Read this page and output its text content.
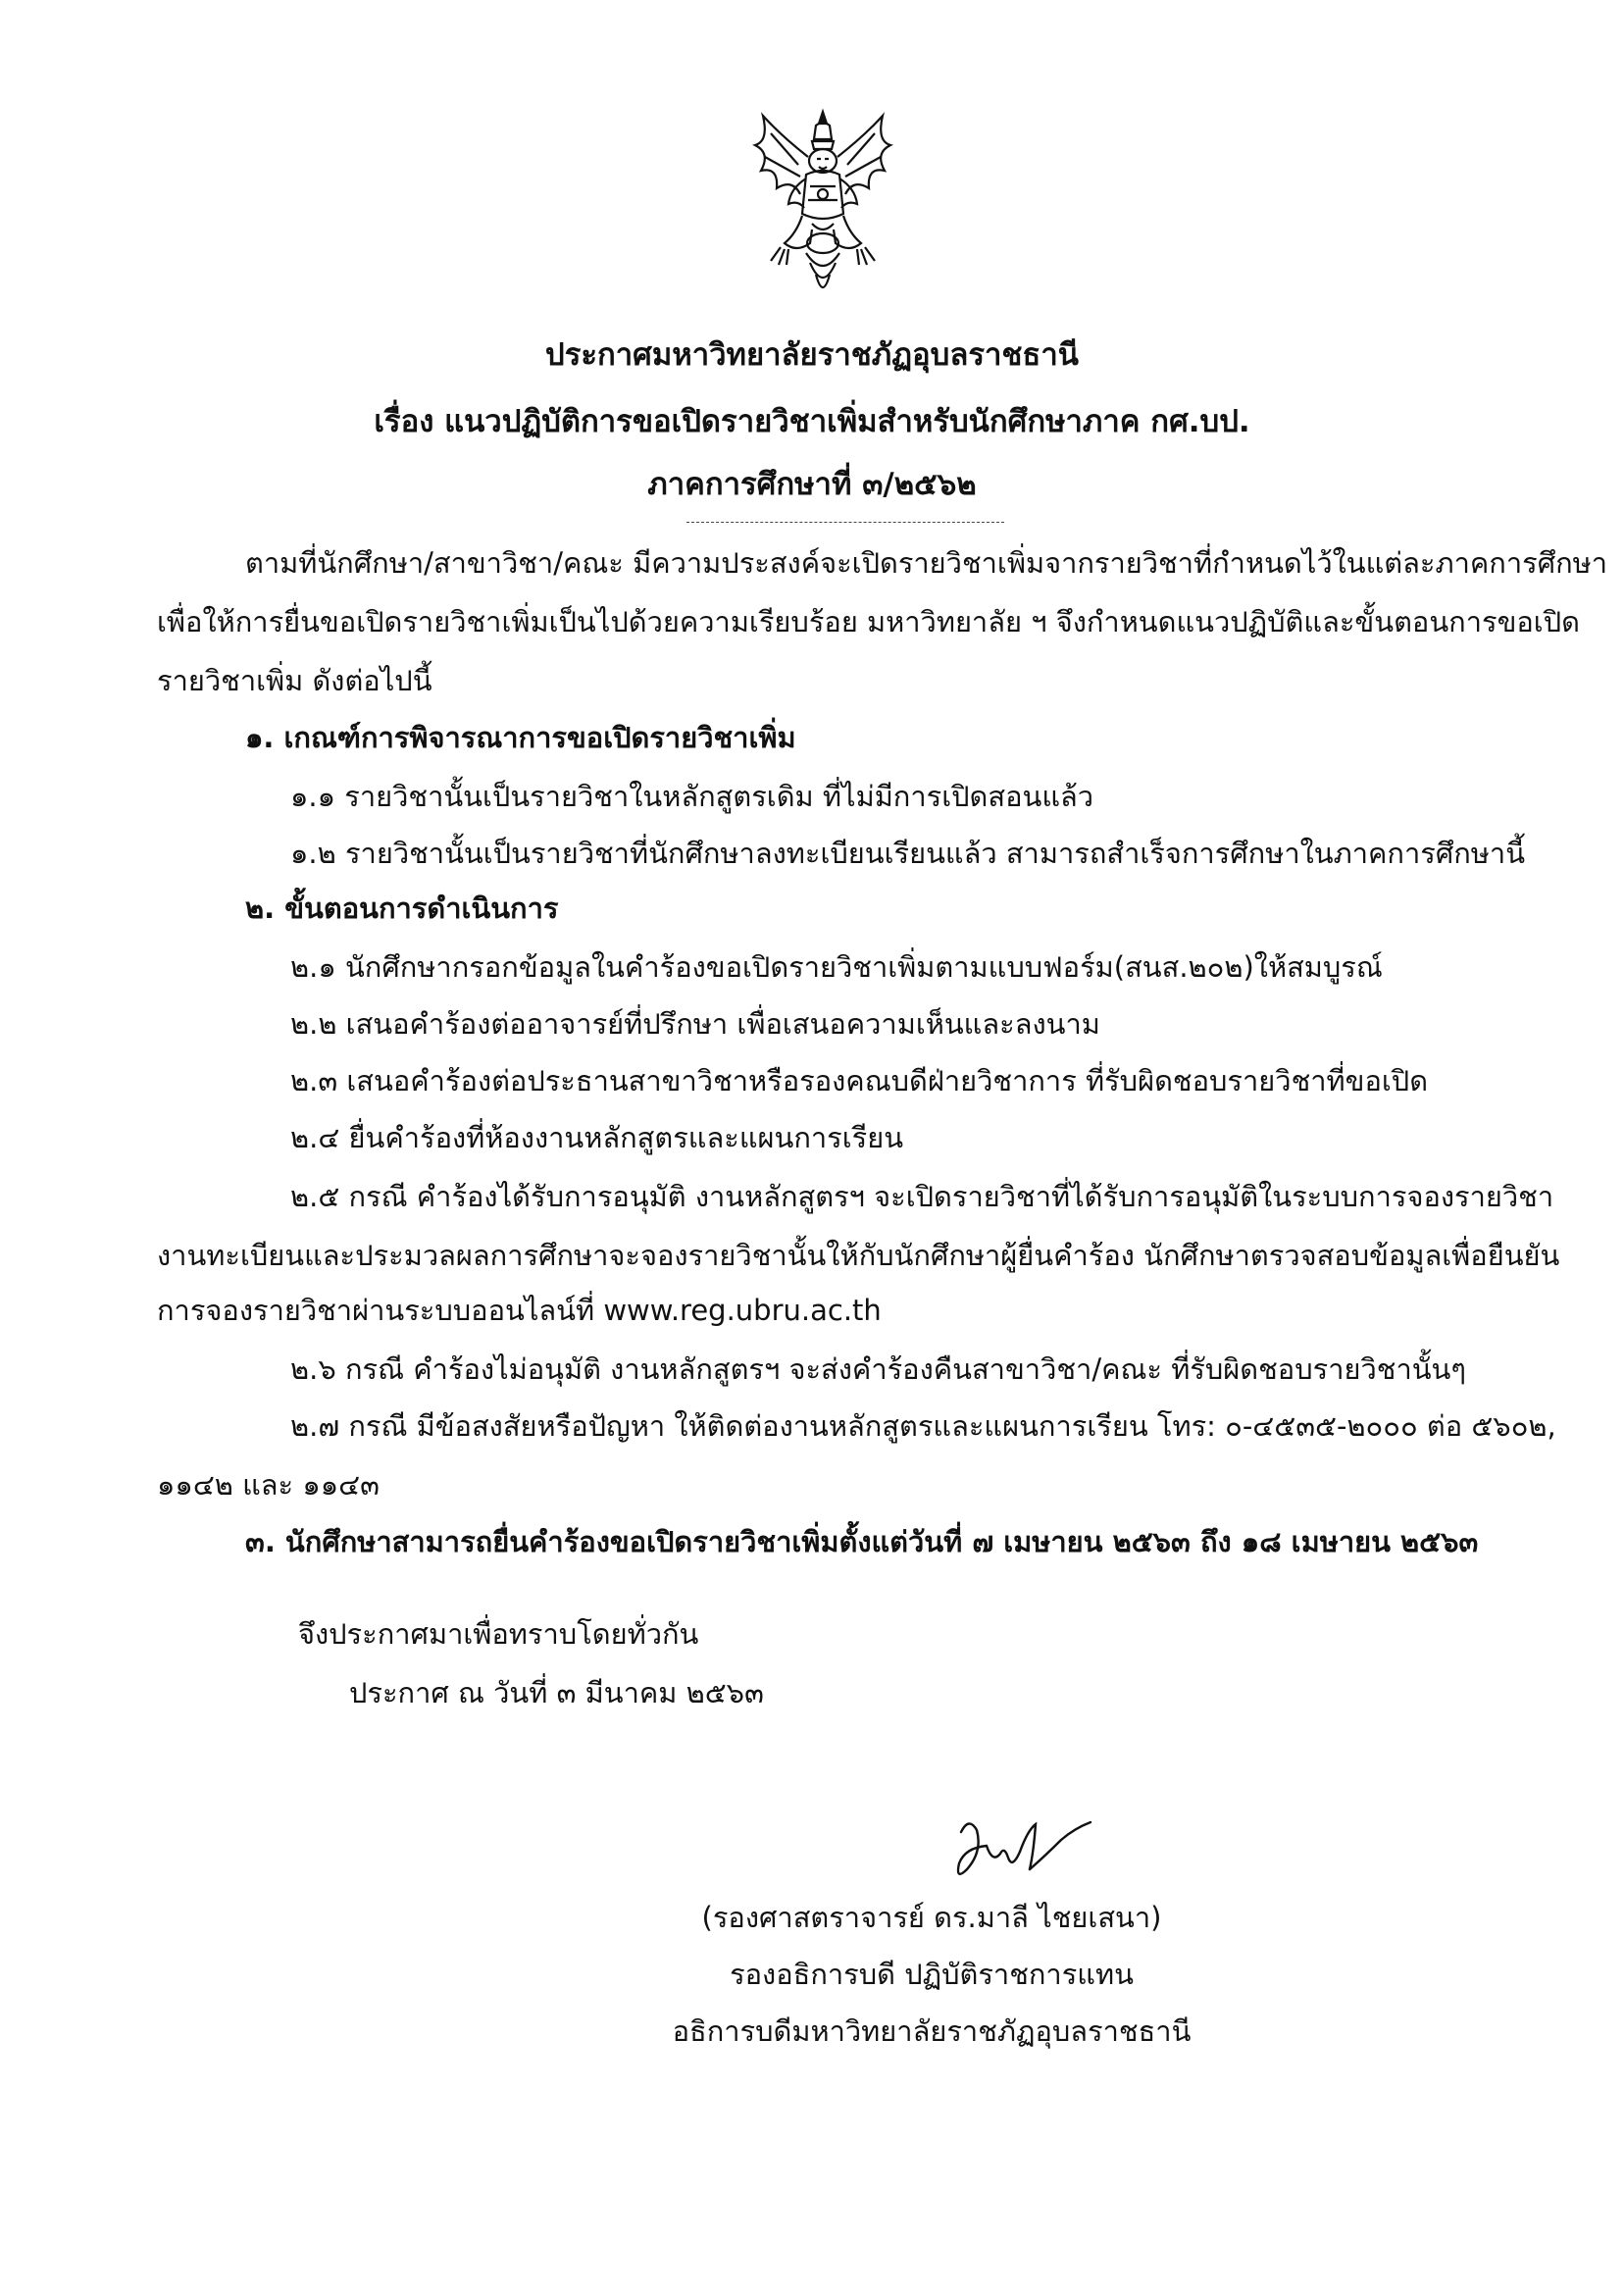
ประกาศมหาวิทยาลัยราชภัฏอุบลราชธานี
เรื่อง แนวปฏิบัติการขอเปิดรายวิชาเพิ่มสำหรับนักศึกษาภาค กศ.บป.
ภาคการศึกษาที่ ๓/๒๕๖๒
ตามที่นักศึกษา/สาขาวิชา/คณะ มีความประสงค์จะเปิดรายวิชาเพิ่มจากรายวิชาที่กำหนดไว้ในแต่ละภาคการศึกษา
เพื่อให้การยื่นขอเปิดรายวิชาเพิ่มเป็นไปด้วยความเรียบร้อย มหาวิทยาลัย ฯ จึงกำหนดแนวปฏิบัติและขั้นตอนการขอเปิด
รายวิชาเพิ่ม ดังต่อไปนี้
๑. เกณฑ์การพิจารณาการขอเปิดรายวิชาเพิ่ม
๑.๑ รายวิชานั้นเป็นรายวิชาในหลักสูตรเดิม ที่ไม่มีการเปิดสอนแล้ว
๑.๒ รายวิชานั้นเป็นรายวิชาที่นักศึกษาลงทะเบียนเรียนแล้ว สามารถสำเร็จการศึกษาในภาคการศึกษานี้
๒. ขั้นตอนการดำเนินการ
๒.๑ นักศึกษากรอกข้อมูลในคำร้องขอเปิดรายวิชาเพิ่มตามแบบฟอร์ม(สนส.๒๐๒)ให้สมบูรณ์
๒.๒ เสนอคำร้องต่ออาจารย์ที่ปรึกษา เพื่อเสนอความเห็นและลงนาม
๒.๓ เสนอคำร้องต่อประธานสาขาวิชาหรือรองคณบดีฝ่ายวิชาการ ที่รับผิดชอบรายวิชาที่ขอเปิด
๒.๔ ยื่นคำร้องที่ห้องงานหลักสูตรและแผนการเรียน
๒.๕ กรณี คำร้องได้รับการอนุมัติ งานหลักสูตรฯ จะเปิดรายวิชาที่ได้รับการอนุมัติในระบบการจองรายวิชา
งานทะเบียนและประมวลผลการศึกษาจะจองรายวิชานั้นให้กับนักศึกษาผู้ยื่นคำร้อง นักศึกษาตรวจสอบข้อมูลเพื่อยืนยัน
การจองรายวิชาผ่านระบบออนไลน์ที่ www.reg.ubru.ac.th
๒.๖ กรณี คำร้องไม่อนุมัติ งานหลักสูตรฯ จะส่งคำร้องคืนสาขาวิชา/คณะ ที่รับผิดชอบรายวิชานั้นๆ
๒.๗ กรณี มีข้อสงสัยหรือปัญหา ให้ติดต่องานหลักสูตรและแผนการเรียน โทร: ๐-๔๕๓๕-๒๐๐๐ ต่อ ๕๖๐๒,
๑๑๔๒ และ ๑๑๔๓
๓. นักศึกษาสามารถยื่นคำร้องขอเปิดรายวิชาเพิ่มตั้งแต่วันที่ ๗ เมษายน ๒๕๖๓ ถึง ๑๘ เมษายน ๒๕๖๓
จึงประกาศมาเพื่อทราบโดยทั่วกัน
ประกาศ ณ วันที่ ๓ มีนาคม ๒๕๖๓
(รองศาสตราจารย์ ดร.มาลี ไชยเสนา)
รองอธิการบดี ปฏิบัติราชการแทน
อธิการบดีมหาวิทยาลัยราชภัฏอุบลราชธานี
